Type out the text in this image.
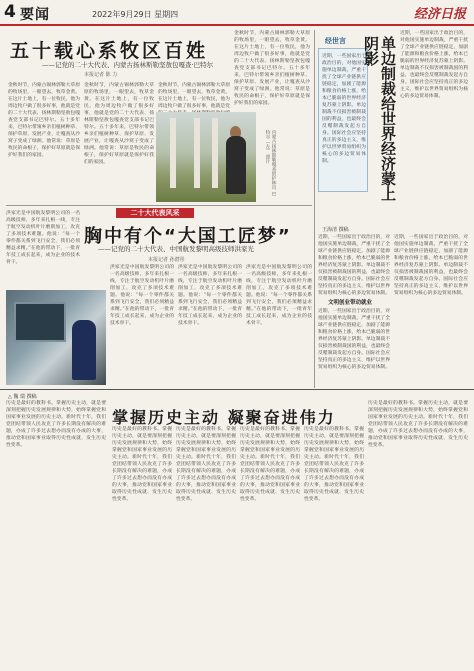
4 要闻	2022年9月29日 星期四	经济日报
五十载心系牧区百姓
——记党的二十大代表、内蒙古扬林斯勒坚敖包嘎查·巴特尔
本报记者 陈 力
金秋时节，内蒙古锡林郭勒大草原的牧场里，一眼望去，牧草金黄。在这片土地上，有一位牧民，他为周边牧户做了很多好事，他就是党的二十大代表、扬林斯勒坚敖包嘎查党支部书记巴特尔。五十多年来，巴特尔带领乡亲们植树种草、保护草原、发展产业，让嘎查从沙窝子变成了绿洲。他常说：草原是牧民的命根子，保护好草原就是保护好我们的家园。
金秋时节，内蒙古锡林郭勒大草原的牧场里，一眼望去，牧草金黄。在这片土地上，有一位牧民，他为周边牧户做了很多好事，他就是党的二十大代表、扬林斯勒坚敖包嘎查党支部书记巴特尔。五十多年来，巴特尔带领乡亲们植树种草、保护草原、发展产业，让嘎查从沙窝子变成了绿洲。他常说：草原是牧民的命根子，保护好草原就是保护好我们的家园。
金秋时节，内蒙古锡林郭勒大草原的牧场里，一眼望去，牧草金黄。在这片土地上，有一位牧民，他为周边牧户做了很多好事，他就是党
金秋时节，内蒙古锡林郭勒大草原的牧场里，一眼望去，牧草金黄。在这片土地上，有一位牧民，他为周边牧户做了很多好事，他就是党的二十大代表、扬林斯勒坚敖包嘎查党支部书记巴特尔。五十多年来，巴特尔带领乡亲们植树种草、保护草原、发展产业，让嘎查从沙窝子变成了绿洲。他常说：草原是牧民的命根子，保护好草原就是保护好我们的家园。
内蒙古扬林斯勒嘎查的护林员 巴特尔（左） 照片
二十大代表风采
胸中有个“大国工匠梦”
——记党的二十大代表、中国航发黎明高级技师洪家光
本报记者 孙潜彤
洪家光是中国航发黎明公司的一名高级技师，多年来扎根一线，专注于航空发动机叶片磨削加工，攻克了多项技术难题。他说：“每一个零件都关系到飞行安全，我们必须精益求精。”在他的带动下，一批青年技工成长起来，成为企业的技术骨干。
洪家光是中国航发黎明公司的一名高级技师，多年来扎根一线，专注于航空发动机叶片磨削加工，攻克了多项技术难题。他说：“每一个零件都关系到飞行安全，我们必须精益求精。”在他的带动下，一批青年技工成长起来，成为企业的技术骨干。
洪家光是中国航发黎明公司的一名高级技师，多年来扎根一线，专注于航空发动机叶片磨削加工，攻克了多项技术难题。他说：“每一个零件都关系到飞行安全，我们必须精益求精。”在他的带动下，一批青年技工成长起来，成为企业的技术骨干。
洪家光是中国航发黎明公司的一名高级技师，多年来扎根一线，专注于航空发动机叶片磨削加工，攻克了多项技术难题。他说：“每一个零件都关系到飞行安全，我们必须精益求精。”在他的带动下，一批青年技工成长起来，成为企业的技术骨干。
经世言
近期，一些国家出于政治目的，对他国实施单边制裁，严重干扰了全球产业链供应链稳定，加剧了能源和粮食价格上涨，给本已脆弱的世界经济复苏蒙上阴影。单边制裁不仅损害被制裁国的利益，也最终会反噬制裁发起方自身。国际社会应坚持真正的多边主义，维护以世界贸易组织为核心的多边贸易体制。	单边制裁给世界经济蒙上阴影
近期，一些国家出于政治目的，对他国实施单边制裁，严重干扰了全球产业链供应链稳定，加剧了能源和粮食价格上涨，给本已脆弱的世界经济复苏蒙上阴影。单边制裁不仅损害被制裁国的利益，也最终会反噬制裁发起方自身。国际社会应坚持真正的多边主义，维护以世界贸易组织为核心的多边贸易体制。
王海清 撰稿
近期，一些国家出于政治目的，对他国实施单边制裁，严重干扰了全球产业链供应链稳定，加剧了能源和粮食价格上涨，给本已脆弱的世界经济复苏蒙上阴影。单边制裁不仅损害被制裁国的利益，也最终会反噬制裁发起方自身。国际社会应坚持真正的多边主义，维护以世界贸易组织为核心的多边贸易体制。
文明创业带动就业
近期，一些国家出于政治目的，对他国实施单边制裁，严重干扰了全球产业链供应链稳定，加剧了能源和粮食价格上涨，给本已脆弱的世界经济复苏蒙上阴影。单边制裁不仅损害被制裁国的利益，也最终会反噬制裁发起方自身。国际社会应坚持真正的多边主义，维护以世界贸易组织为核心的多边贸易体制。
近期，一些国家出于政治目的，对他国实施单边制裁，严重干扰了全球产业链供应链稳定，加剧了能源和粮食价格上涨，给本已脆弱的世界经济复苏蒙上阴影。单边制裁不仅损害被制裁国的利益，也最终会反噬制裁发起方自身。国际社会应坚持真正的多边主义，维护以世界贸易组织为核心的多边贸易体制。
△ 魏 瑞 撰稿
掌握历史主动 凝聚奋进伟力
历史是最好的教科书。掌握历史主动，就是要深刻把握历史发展规律和大势，始终掌握党和国家事业发展的历史主动。新时代十年，我们党团结带领人民攻克了许多长期没有解决的难题，办成了许多过去想办而没有办成的大事，推动党和国家事业取得历史性成就、发生历史性变革。
历史是最好的教科书。掌握历史主动，就是要深刻把握历史发展规律和大势，始终掌握党和国家事业发展的历史主动。新时代十年，我们党团结带领人民攻克了许多长期没有解决的难题，办成了许多过去想办而没有办成的大事，推动党和国家事业取得历史性成就、发生历史性变革。
历史是最好的教科书。掌握历史主动，就是要深刻把握历史发展规律和大势，始终掌握党和国家事业发展的历史主动。新时代十年，我们党团结带领人民攻克了许多长期没有解决的难题，办成了许多过去想办而没有办成的大事，推动党和国家事业取得历史性成就、发生历史性变革。
历史是最好的教科书。掌握历史主动，就是要深刻把握历史发展规律和大势，始终掌握党和国家事业发展的历史主动。新时代十年，我们党团结带领人民攻克了许多长期没有解决的难题，办成了许多过去想办而没有办成的大事，推动党和国家事业取得历史性成就、发生历史性变革。
历史是最好的教科书。掌握历史主动，就是要深刻把握历史发展规律和大势，始终掌握党和国家事业发展的历史主动。新时代十年，我们党团结带领人民攻克了许多长期没有解决的难题，办成了许多过去想办而没有办成的大事，推动党和国家事业取得历史性成就、发生历史性变革。
历史是最好的教科书。掌握历史主动，就是要深刻把握历史发展规律和大势，始终掌握党和国家事业发展的历史主动。新时代十年，我们党团结带领人民攻克了许多长期没有解决的难题，办成了许多过去想办而没有办成的大事，推动党和国家事业取得历史性成就、发生历史性变革。
